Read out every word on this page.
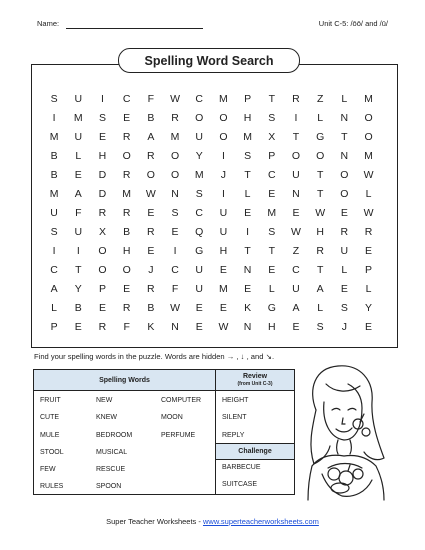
Name:	Unit C-5: /ōō/ and /ū/
Spelling Word Search
S	U	I	C	F	W	C	M	P	T	R	Z	L	M
I	M	S	E	B	R	O	O	H	S	I	L	N	O
M	U	E	R	A	M	U	O	M	X	T	G	T	O
B	L	H	O	R	O	Y	I	S	P	O	O	N	M
B	E	D	R	O	O	M	J	T	C	U	T	O	W
M	A	D	M	W	N	S	I	L	E	N	T	O	L
U	F	R	R	E	S	C	U	E	M	E	W	E	W
S	U	X	B	R	E	Q	U	I	S	W	H	R	R
I	I	O	H	E	I	G	H	T	T	Z	R	U	E
C	T	O	O	J	C	U	E	N	E	C	T	L	P
A	Y	P	E	R	F	U	M	E	L	U	A	E	L
L	B	E	R	B	W	E	E	K	G	A	L	S	Y
P	E	R	F	K	N	E	W	N	H	E	S	J	E
Find your spelling words in the puzzle. Words are hidden → , ↓ , and ↘.
Spelling Words	Review
(from Unit C-3)
FRUIT
CUTE
MULE
STOOL
FEW
RULES
NEW
KNEW
BEDROOM
MUSICAL
RESCUE
SPOON
COMPUTER
MOON
PERFUME
HEIGHT
SILENT
REPLY
Challenge
BARBECUE
SUITCASE
Super Teacher Worksheets - www.superteacherworksheets.com
